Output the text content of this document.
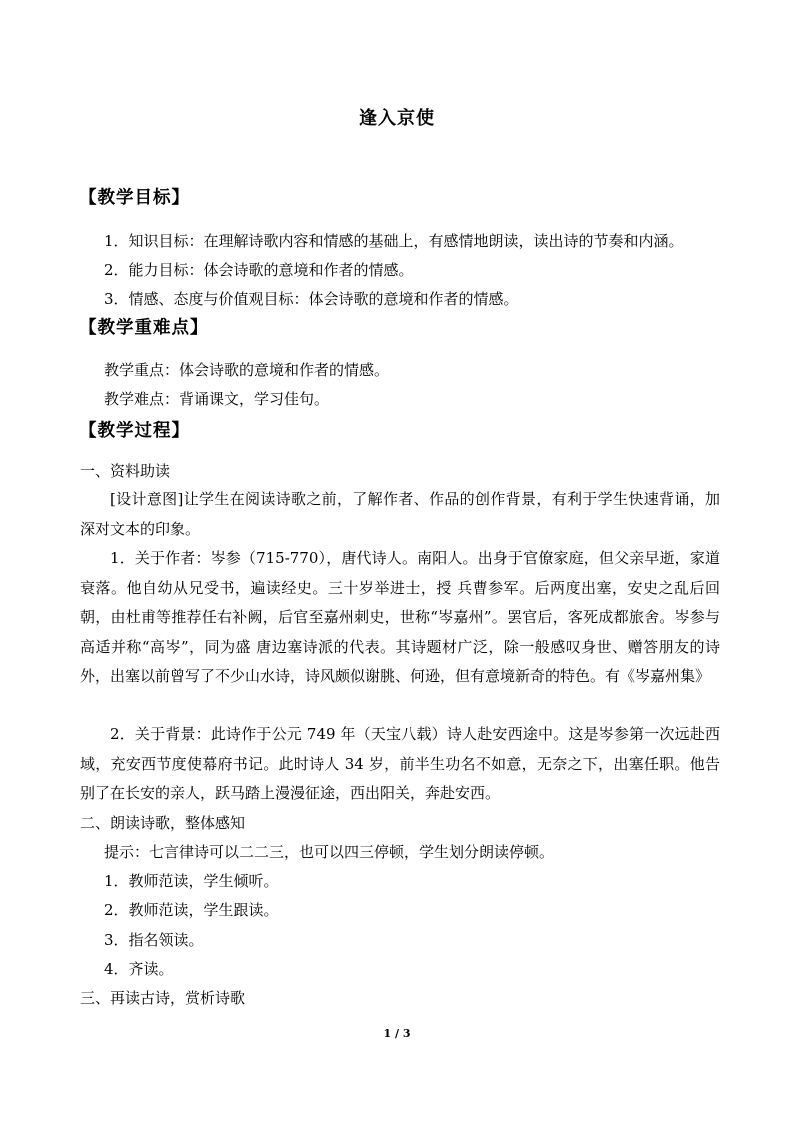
逢入京使
【教学目标】
1．知识目标：在理解诗歌内容和情感的基础上，有感情地朗读，读出诗的节奏和内涵。
2．能力目标：体会诗歌的意境和作者的情感。
3．情感、态度与价值观目标：体会诗歌的意境和作者的情感。
【教学重难点】
教学重点：体会诗歌的意境和作者的情感。
教学难点：背诵课文，学习佳句。
【教学过程】
一、资料助读
[设计意图]让学生在阅读诗歌之前，了解作者、作品的创作背景，有利于学生快速背诵，加深对文本的印象。
1．关于作者：岑参（715-770），唐代诗人。南阳人。出身于官僚家庭，但父亲早逝，家道衰落。他自幼从兄受书，遍读经史。三十岁举进士，授 兵曹参军。后两度出塞，安史之乱后回朝，由杜甫等推荐任右补阙，后官至嘉州刺史，世称“岑嘉州”。罢官后，客死成都旅舍。岑参与高适并称“高岑”，同为盛 唐边塞诗派的代表。其诗题材广泛，除一般感叹身世、赠答朋友的诗外，出塞以前曾写了不少山水诗，诗风颇似谢朓、何逊，但有意境新奇的特色。有《岑嘉州集》
2．关于背景：此诗作于公元 749 年（天宝八载）诗人赴安西途中。这是岑参第一次远赴西域，充安西节度使幕府书记。此时诗人 34 岁，前半生功名不如意，无奈之下，出塞任职。他告别了在长安的亲人，跃马踏上漫漫征途，西出阳关，奔赴安西。
二、朗读诗歌，整体感知
提示：七言律诗可以二二三，也可以四三停顿，学生划分朗读停顿。
1．教师范读，学生倾听。
2．教师范读，学生跟读。
3．指名领读。
4．齐读。
三、再读古诗，赏析诗歌
1 / 3
